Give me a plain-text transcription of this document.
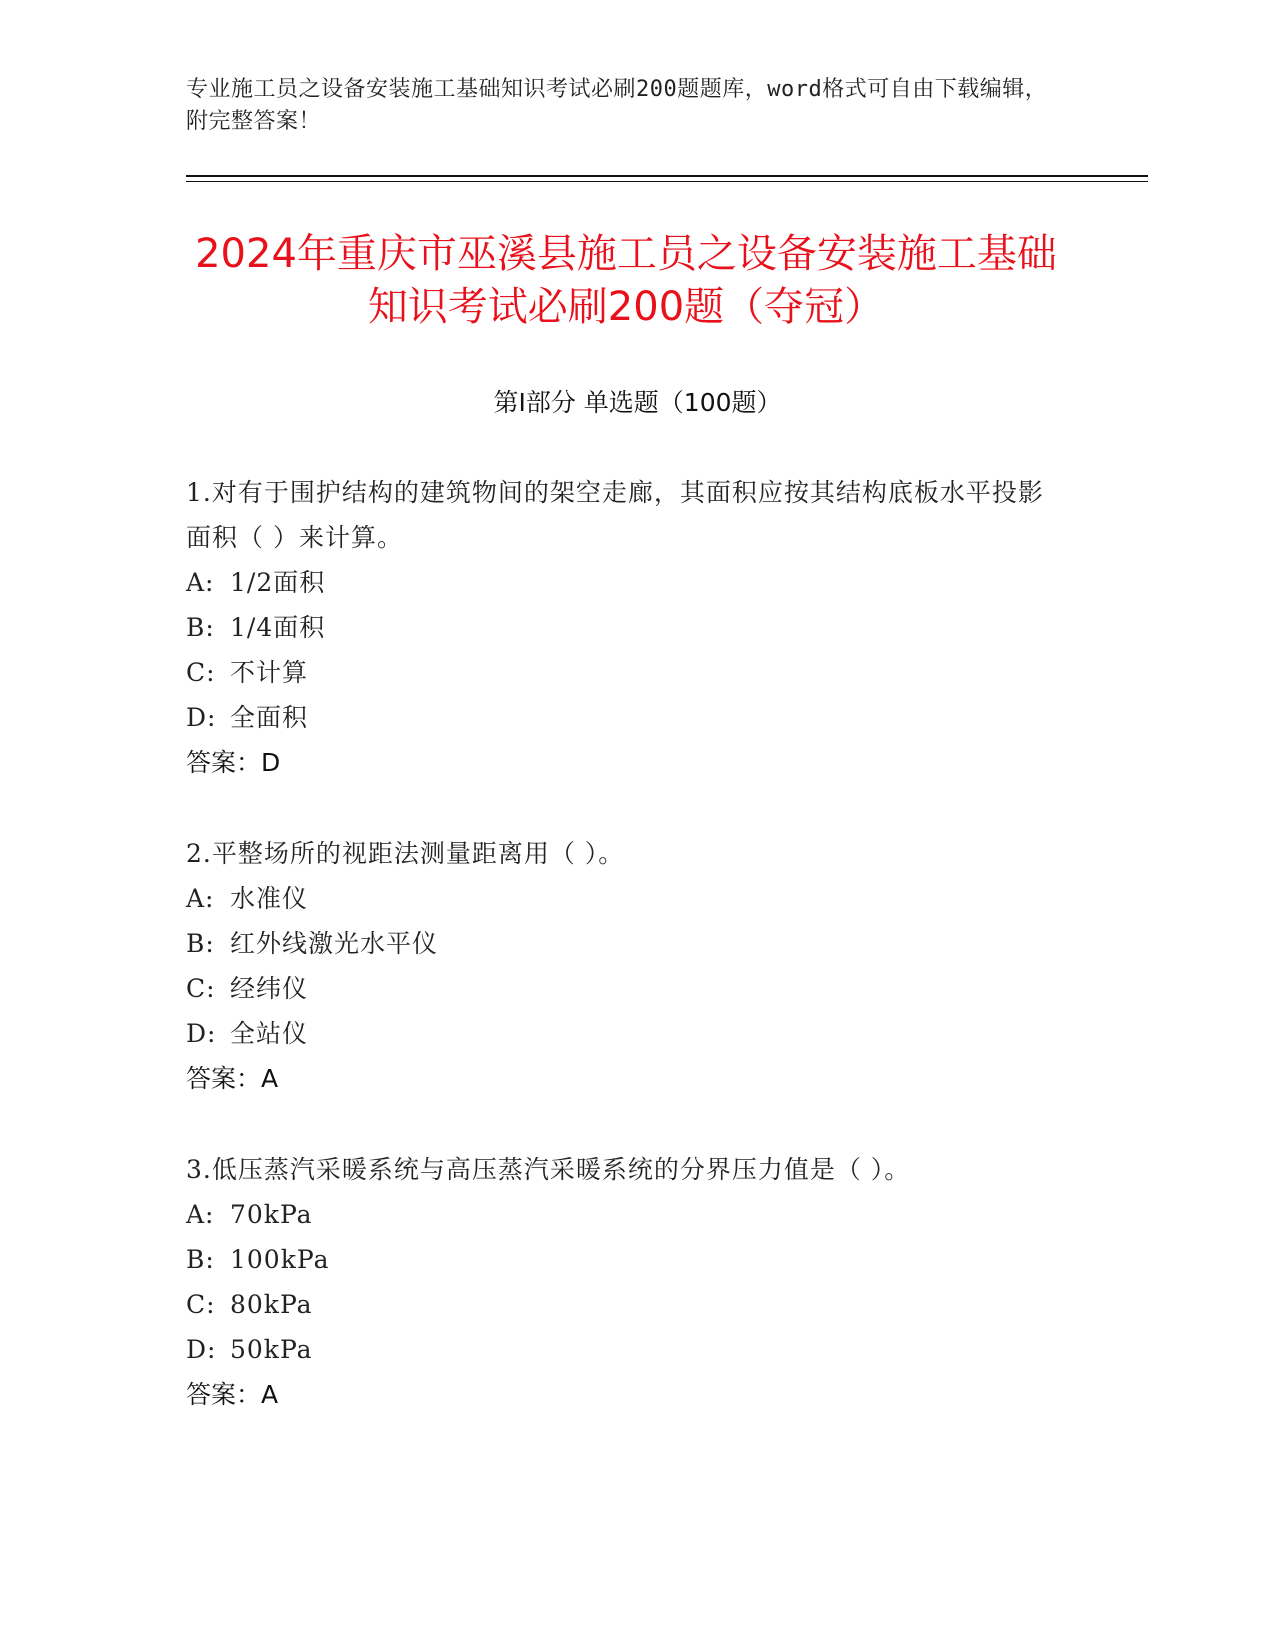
专业施工员之设备安装施工基础知识考试必刷200题题库，word格式可自由下载编辑，附完整答案！
2024年重庆市巫溪县施工员之设备安装施工基础知识考试必刷200题（夺冠）
第Ⅰ部分 单选题（100题）
1.对有于围护结构的建筑物间的架空走廊，其面积应按其结构底板水平投影面积（ ）来计算。
A: 1/2面积
B: 1/4面积
C: 不计算
D: 全面积
答案：D
2.平整场所的视距法测量距离用（ ）。
A: 水准仪
B: 红外线激光水平仪
C: 经纬仪
D: 全站仪
答案：A
3.低压蒸汽采暖系统与高压蒸汽采暖系统的分界压力值是（ ）。
A: 70kPa
B: 100kPa
C: 80kPa
D: 50kPa
答案：A
